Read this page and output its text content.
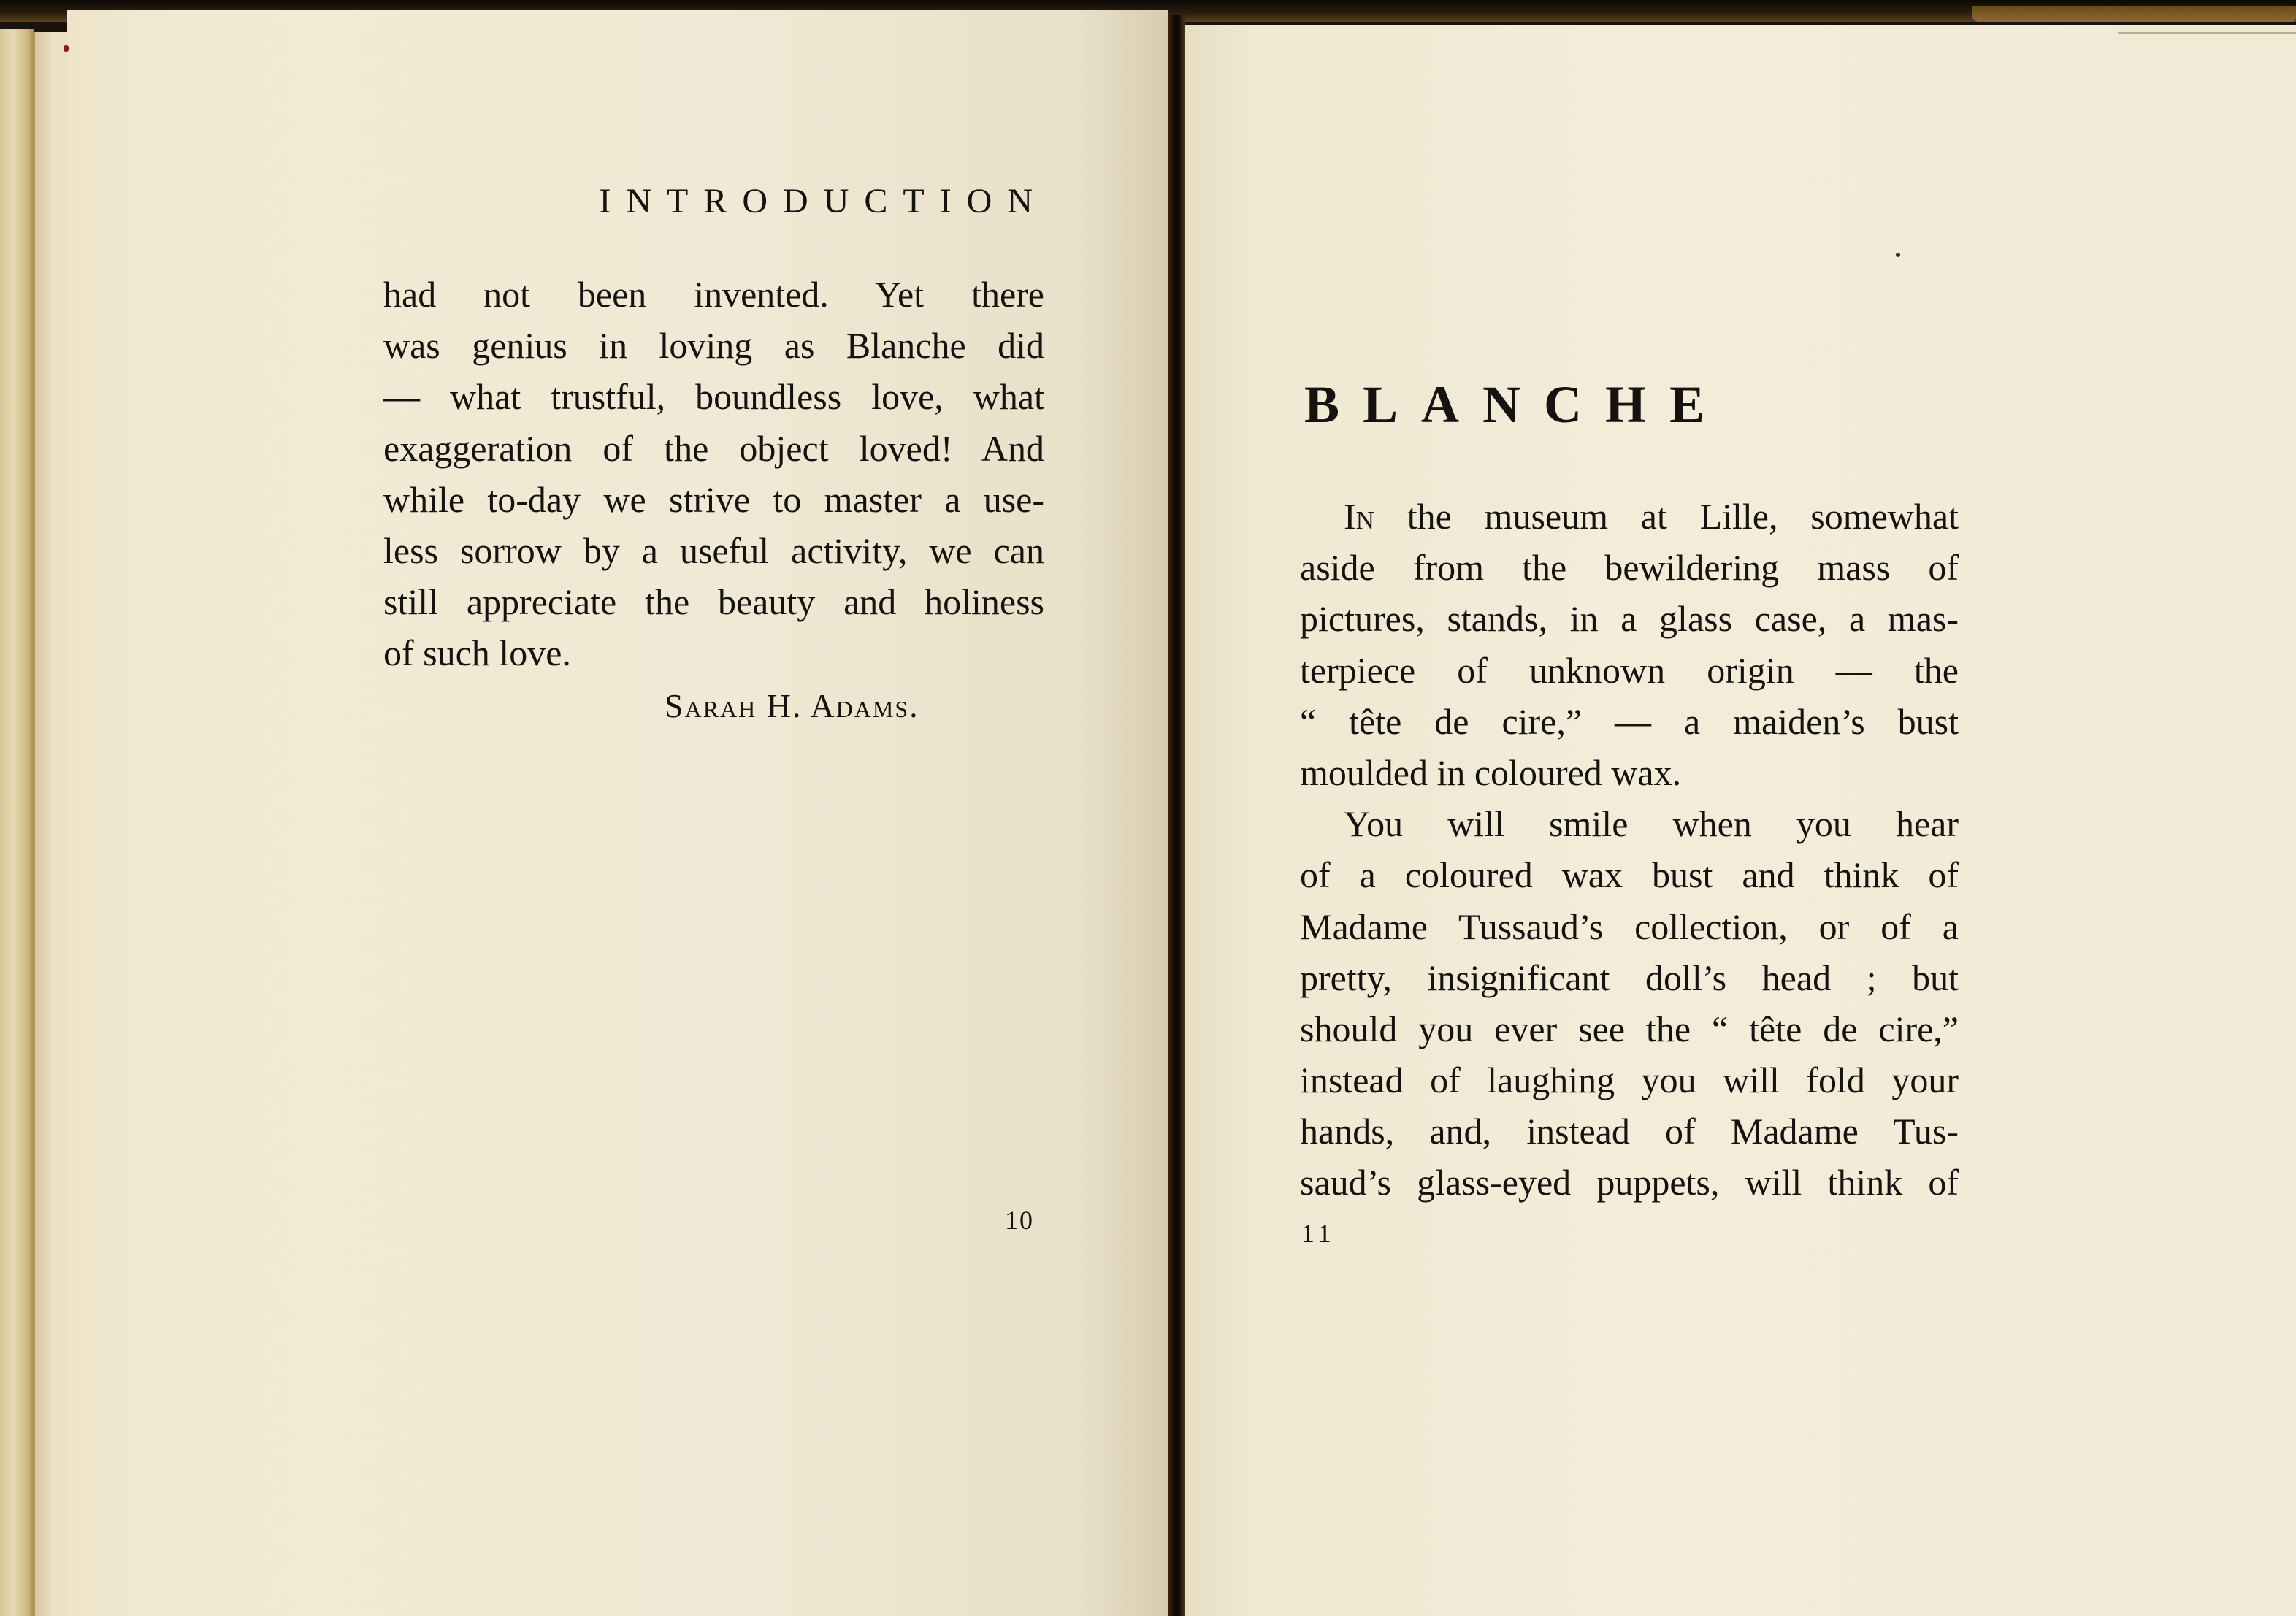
INTRODUCTION
had not been invented. Yet there
was genius in loving as Blanche did
— what trustful, boundless love, what
exaggeration of the object loved! And
while to-day we strive to master a use-
less sorrow by a useful activity, we can
still appreciate the beauty and holiness
of such love.
Sarah H. Adams.
10
BLANCHE
In the museum at Lille, somewhat
aside from the bewildering mass of
pictures, stands, in a glass case, a mas-
terpiece of unknown origin — the
“ tête de cire,” — a maiden’s bust
moulded in coloured wax.
You will smile when you hear
of a coloured wax bust and think of
Madame Tussaud’s collection, or of a
pretty, insignificant doll’s head ; but
should you ever see the “ tête de cire,”
instead of laughing you will fold your
hands, and, instead of Madame Tus-
saud’s glass-eyed puppets, will think of
11
